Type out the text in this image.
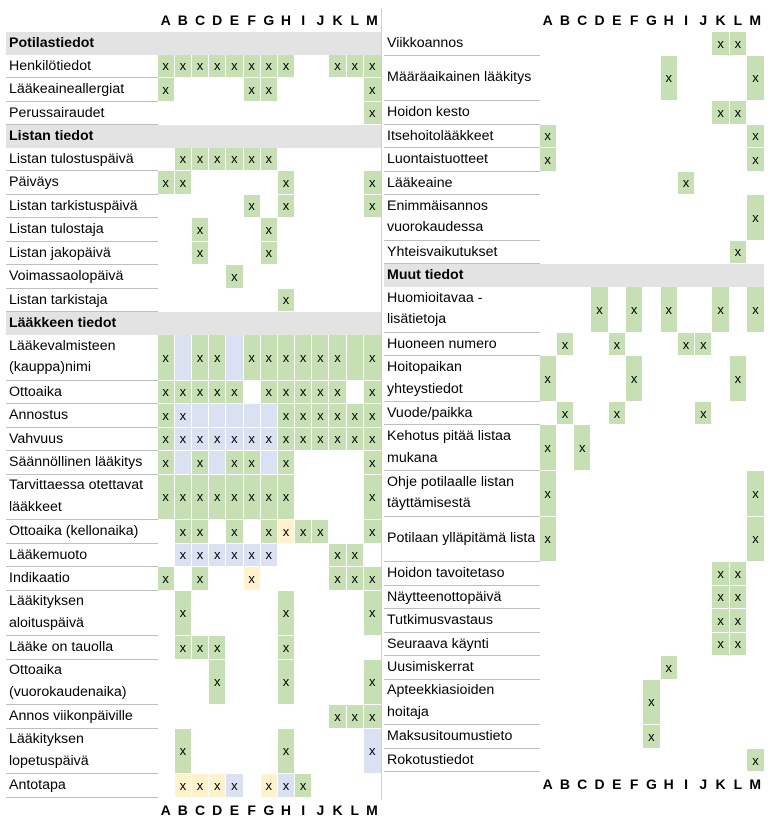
	A	B	C	D	E	F	G	H	I	J	K	L	M
Potilastiedot													
Henkilötiedot	x	x	x	x	x	x	x	x			x	x	x
Lääkeaineallergiat	x					x	x						x
Perussairaudet													x
Listan tiedot													
Listan tulostuspäivä		x	x	x	x	x	x						
Päiväys	x	x						x					x
Listan tarkistuspäivä						x		x					x
Listan tulostaja			x				x						
Listan jakopäivä			x				x						
Voimassaolopäivä					x								
Listan tarkistaja								x					
Lääkkeen tiedot													
Lääkevalmisteen (kauppa)nimi	x		x	x		x	x	x	x	x	x		x
Ottoaika	x	x	x	x	x		x	x	x	x	x		x
Annostus	x	x						x	x	x	x	x	x
Vahvuus	x	x	x	x	x	x	x	x	x	x	x	x	x
Säännöllinen lääkitys	x		x		x	x		x					x
Tarvittaessa otettavat lääkkeet	x	x	x	x	x	x	x	x					x
Ottoaika (kellonaika)		x	x		x		x	x	x	x			x
Lääkemuoto		x	x	x	x	x	x				x	x	
Indikaatio	x		x			x					x	x	x
Lääkityksen aloituspäivä		x						x					x
Lääke on tauolla		x	x	x				x					
Ottoaika (vuorokaudenaika)				x				x					x
Annos viikonpäiville											x	x	x
Lääkityksen lopetuspäivä		x						x					x
Antotapa		x	x	x	x		x	x	x				
	A	B	C	D	E	F	G	H	I	J	K	L	M
	A	B	C	D	E	F	G	H	I	J	K	L	M
Viikkoannos											x	x	
Määräaikainen lääkitys								x					x
Hoidon kesto											x	x	
Itsehoitolääkkeet	x												x
Luontaistuotteet	x												x
Lääkeaine									x				
Enimmäisannos vuorokaudessa													x
Yhteisvaikutukset												x	
Muut tiedot													
Huomioitavaa - lisätietoja				x		x		x			x		x
Huoneen numero		x			x				x	x			
Hoitopaikan yhteystiedot	x					x						x	
Vuode/paikka		x			x					x			
Kehotus pitää listaa mukana	x		x										
Ohje potilaalle listan täyttämisestä	x												x
Potilaan ylläpitämä lista	x												x
Hoidon tavoitetaso											x	x	
Näytteenottopäivä											x	x	
Tutkimusvastaus											x	x	
Seuraava käynti											x	x	
Uusimiskerrat								x					
Apteekkiasioiden hoitaja							x						
Maksusitoumustieto							x						
Rokotustiedot													x
	A	B	C	D	E	F	G	H	I	J	K	L	M
